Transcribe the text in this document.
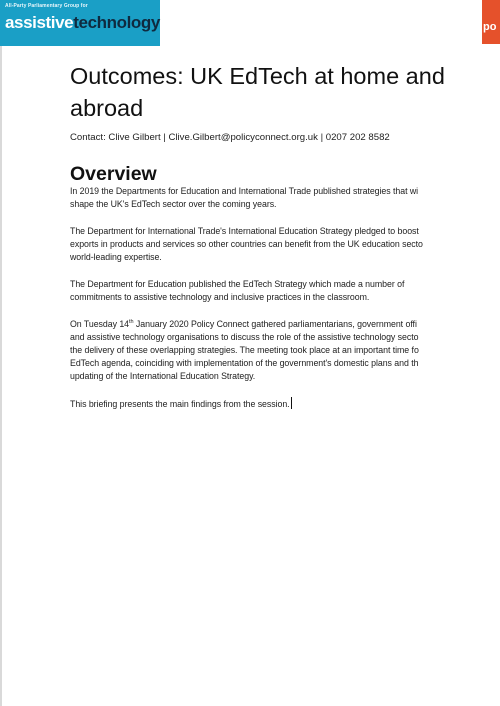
All-Party Parliamentary Group for
assistivetechnology	po
Outcomes: UK EdTech at home and
abroad

Contact: Clive Gilbert | Clive.Gilbert@policyconnect.org.uk | 0207 202 8582

Overview

In 2019 the Departments for Education and International Trade published strategies that wi
shape the UK's EdTech sector over the coming years.

The Department for International Trade's International Education Strategy pledged to boost
exports in products and services so other countries can benefit from the UK education secto
world-leading expertise.

The Department for Education published the EdTech Strategy which made a number of
commitments to assistive technology and inclusive practices in the classroom.

On Tuesday 14th January 2020 Policy Connect gathered parliamentarians, government offi
and assistive technology organisations to discuss the role of the assistive technology secto
the delivery of these overlapping strategies. The meeting took place at an important time fo
EdTech agenda, coinciding with implementation of the government's domestic plans and th
updating of the International Education Strategy.

This briefing presents the main findings from the session.
